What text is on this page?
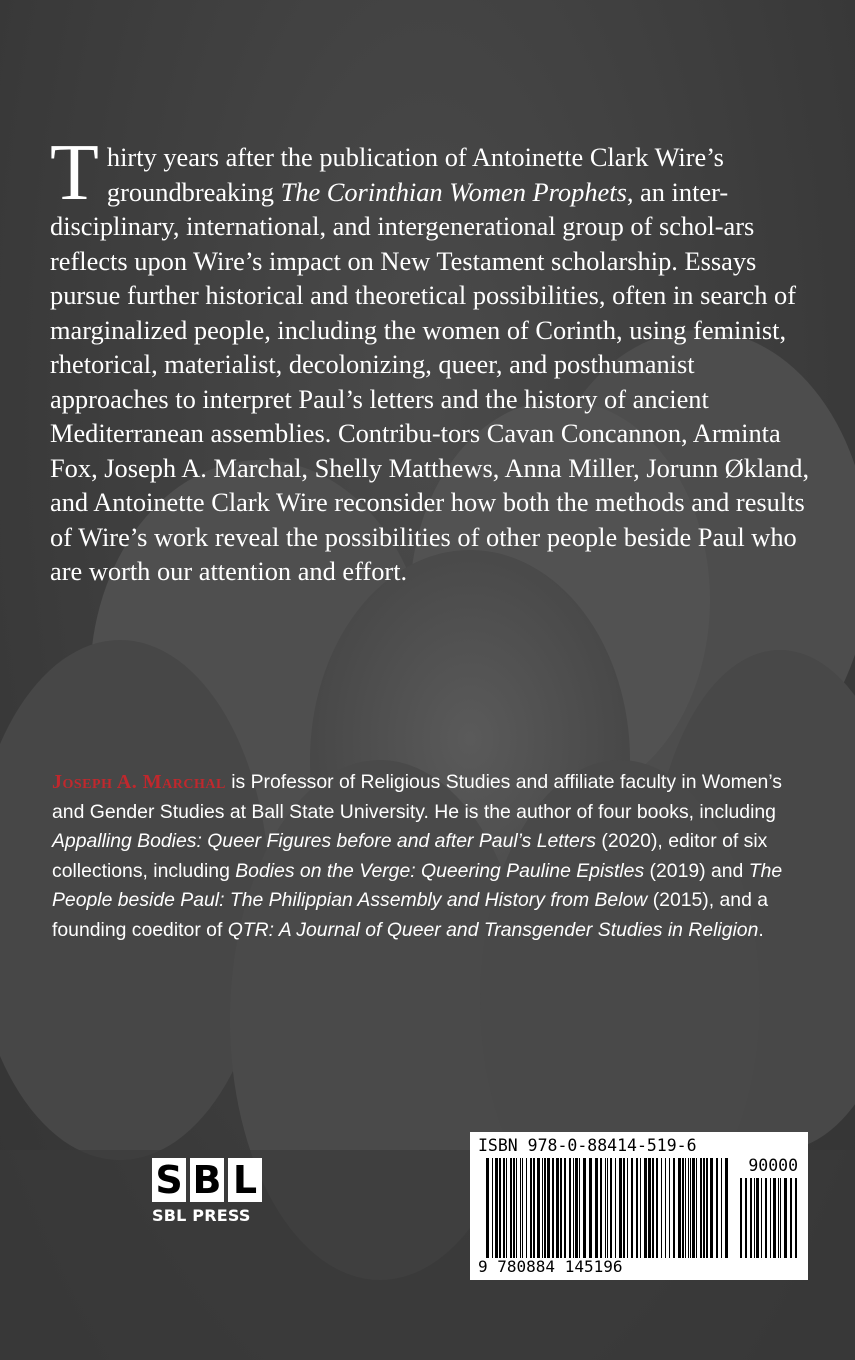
Thirty years after the publication of Antoinette Clark Wire’s groundbreaking The Corinthian Women Prophets, an inter-disciplinary, international, and intergenerational group of schol-ars reflects upon Wire’s impact on New Testament scholarship. Essays pursue further historical and theoretical possibilities, often in search of marginalized people, including the women of Corinth, using feminist, rhetorical, materialist, decolonizing, queer, and posthumanist approaches to interpret Paul’s letters and the history of ancient Mediterranean assemblies. Contribu-tors Cavan Concannon, Arminta Fox, Joseph A. Marchal, Shelly Matthews, Anna Miller, Jorunn Økland, and Antoinette Clark Wire reconsider how both the methods and results of Wire’s work reveal the possibilities of other people beside Paul who are worth our attention and effort.

Joseph A. Marchal is Professor of Religious Studies and affiliate faculty in Women’s and Gender Studies at Ball State University. He is the author of four books, including Appalling Bodies: Queer Figures before and after Paul’s Letters (2020), editor of six collections, including Bodies on the Verge: Queering Pauline Epistles (2019) and The People beside Paul: The Philippian Assembly and History from Below (2015), and a founding coeditor of QTR: A Journal of Queer and Transgender Studies in Religion.

S B L
SBL PRESS
ISBN 978-0-88414-519-6
90000
9 780884 145196
